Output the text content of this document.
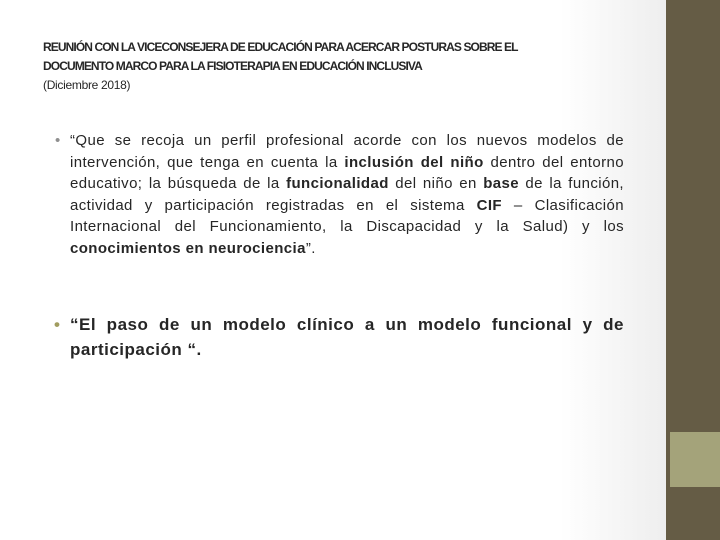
REUNIÓN CON LA VICECONSEJERA DE EDUCACIÓN PARA ACERCAR POSTURAS SOBRE EL
DOCUMENTO MARCO PARA LA FISIOTERAPIA EN EDUCACIÓN INCLUSIVA
(Diciembre 2018)
• “Que se recoja un perfil profesional acorde con los nuevos modelos de intervención, que tenga en cuenta la inclusión del niño dentro del entorno educativo; la búsqueda de la funcionalidad del niño en base de la función, actividad y participación registradas en el sistema CIF – Clasificación Internacional del Funcionamiento, la Discapacidad y la Salud) y los conocimientos en neurociencia”.
• “El paso de un modelo clínico a un modelo funcional y de participación “.
